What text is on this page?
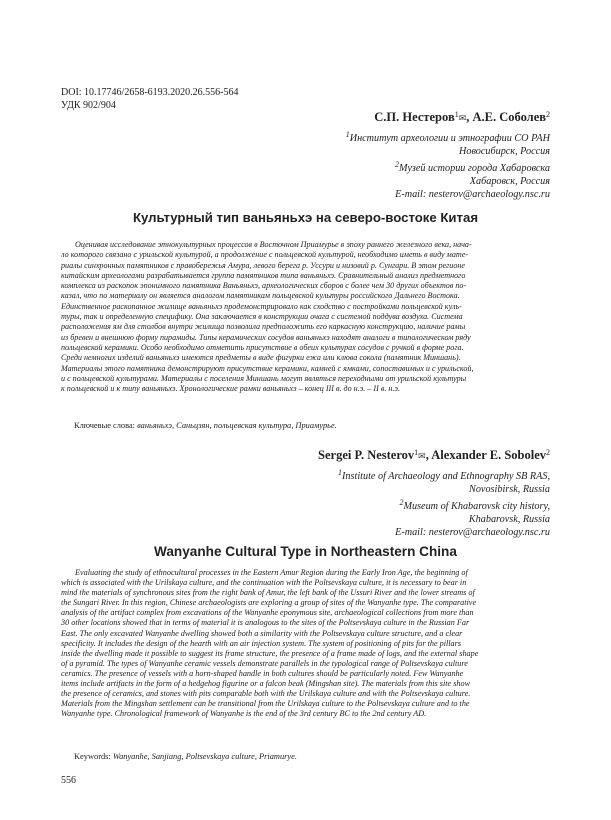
DOI: 10.17746/2658-6193.2020.26.556-564
УДК 902/904
С.П. Нестеров$^1$✉, А.Е. Соболев$^2$
$^1$Институт археологии и этнографии СО РАН
Новосибирск, Россия
$^2$Музей истории города Хабаровска
Хабаровск, Россия
E-mail: nesterov@archaeology.nsc.ru
Культурный тип ваньяньхэ на северо-востоке Китая
Оценивая исследование этнокультурных процессов в Восточном Приамурье в эпоху раннего железного века, нача-
ло которого связано с урильской культурой, а продолжение с польцевской культурой, необходимо иметь в виду мате-
риалы синхронных памятников с правобережья Амура, левого берега р. Уссури и низовий р. Сунгари. В этом регионе
китайским археологами разрабатывается группа памятников типа ваньяньхэ. Сравнительный анализ предметного
комплекса из раскопок эпонимного памятника Ваньяньхэ, археологических сборов с более чем 30 других объектов по-
казал, что по материалу он является аналогом памятникам польцевской культуры российского Дальнего Востока.
Единственное раскопанное жилище ваньяньхэ продемонстрировало как сходство с постройками польцевской куль-
туры, так и определенную специфику. Она заключается в конструкции очага с системой поддува воздуха. Система
расположения ям для столбов внутри жилища позволила предположить его каркасную конструкцию, наличие рамы
из бревен и внешнюю форму пирамиды. Типы керамических сосудов ваньяньхэ находят аналоги в типологическом ряду
польцевской керамики. Особо необходимо отметить присутствие в обеих культурах сосудов с ручкой в форме рога.
Среди немногих изделий ваньяньхэ имеются предметы в виде фигурки ежа или клюва сокола (памятник Миншань).
Материалы этого памятника демонстрируют присутствие керамики, камней с ямками, сопоставимых и с урильской,
и с польцевской культурами. Материалы с поселения Миншань могут являться переходными от урильской культуры
к польцевской и к типу ваньяньхэ. Хронологические рамки ваньяньхэ – конец III в. до н.э. – II в. н.э.
Ключевые слова: ваньяньхэ, Саньцзян, польцевская культура, Приамурье.
Sergei P. Nesterov$^1$✉, Alexander E. Sobolev$^2$
$^1$Institute of Archaeology and Ethnography SB RAS,
Novosibirsk, Russia
$^2$Museum of Khabarovsk city history,
Khabarovsk, Russia
E-mail: nesterov@archaeology.nsc.ru
Wanyanhe Cultural Type in Northeastern China
Evaluating the study of ethnocultural processes in the Eastern Amur Region during the Early Iron Age, the beginning of
which is associated with the Urilskaya culture, and the continuation with the Poltsevskaya culture, it is necessary to bear in
mind the materials of synchronous sites from the right bank of Amur, the left bank of the Ussuri River and the lower streams of
the Sungari River. In this region, Chinese archaeologists are exploring a group of sites of the Wanyanhe type. The comparative
analysis of the artifact complex from excavations of the Wanyanhe eponymous site, archaeological collections from more than
30 other locations showed that in terms of material it is analogous to the sites of the Poltsevskaya culture in the Russian Far
East. The only excavated Wanyanhe dwelling showed both a similarity with the Poltsevskaya culture structure, and a clear
specificity. It includes the design of the hearth with an air injection system. The system of positioning of pits for the pillars
inside the dwelling made it possible to suggest its frame structure, the presence of a frame made of logs, and the external shape
of a pyramid. The types of Wanyanhe ceramic vessels demonstrate parallels in the typological range of Poltsevskaya culture
ceramics. The presence of vessels with a horn-shaped handle in both cultures should be particularly noted. Few Wanyanhe
items include artifacts in the form of a hedgehog figurine or a falcon beak (Mingshan site). The materials from this site show
the presence of ceramics, and stones with pits comparable both with the Urilskaya culture and with the Poltsevskaya culture.
Materials from the Mingshan settlement can be transitional from the Urilskaya culture to the Poltsevskaya culture and to the
Wanyanhe type. Chronological framework of Wanyanhe is the end of the 3rd century BC to the 2nd century AD.
Keywords: Wanyanhe, Sanjiang, Poltsevskaya culture, Priamurye.
556
